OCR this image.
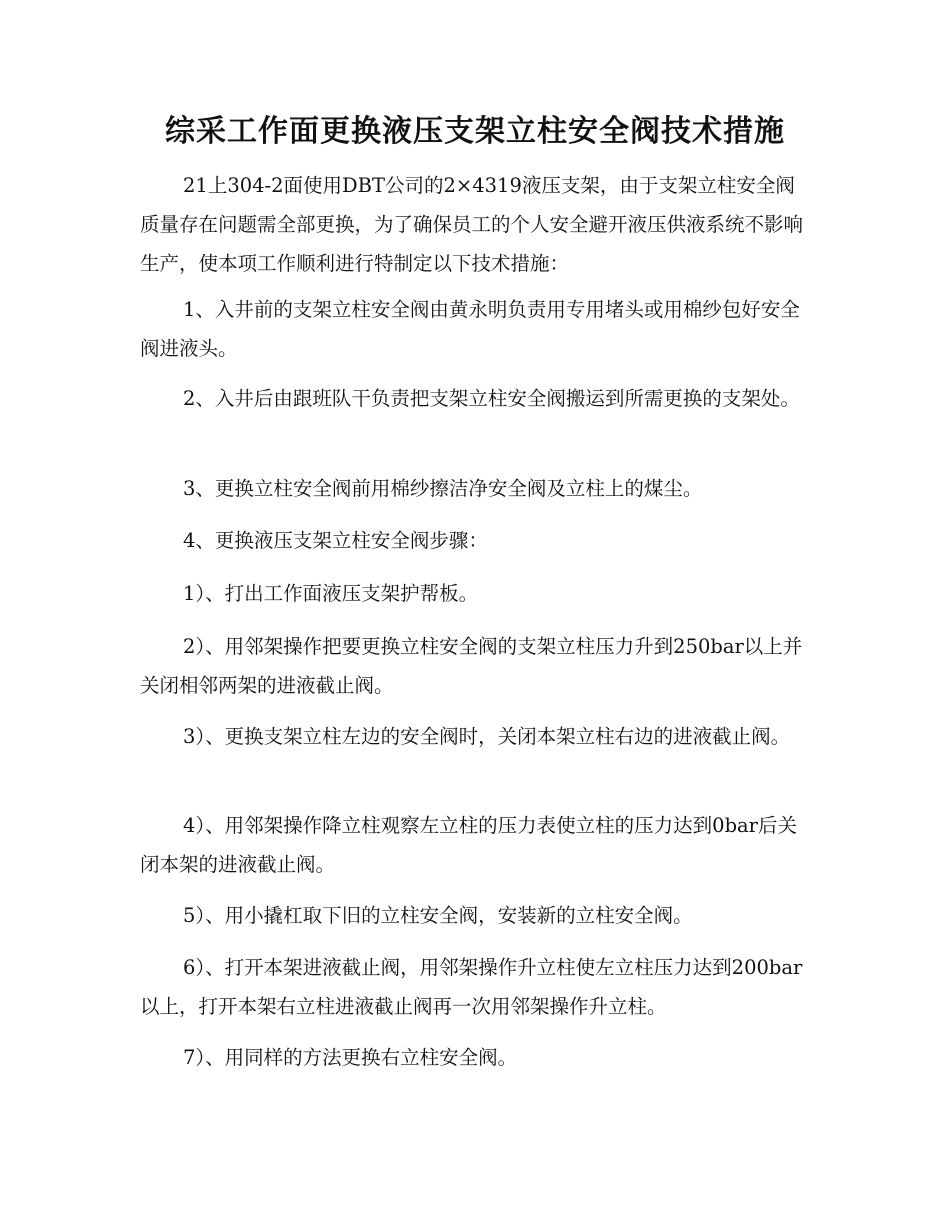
综采工作面更换液压支架立柱安全阀技术措施

21上304-2面使用DBT公司的2×4319液压支架，由于支架立柱安全阀质量存在问题需全部更换，为了确保员工的个人安全避开液压供液系统不影响生产，使本项工作顺利进行特制定以下技术措施：

1、入井前的支架立柱安全阀由黄永明负责用专用堵头或用棉纱包好安全阀进液头。

2、入井后由跟班队干负责把支架立柱安全阀搬运到所需更换的支架处。

3、更换立柱安全阀前用棉纱擦洁净安全阀及立柱上的煤尘。

4、更换液压支架立柱安全阀步骤：

1）、打出工作面液压支架护帮板。

2）、用邻架操作把要更换立柱安全阀的支架立柱压力升到250bar以上并关闭相邻两架的进液截止阀。

3）、更换支架立柱左边的安全阀时，关闭本架立柱右边的进液截止阀。

4）、用邻架操作降立柱观察左立柱的压力表使立柱的压力达到0bar后关闭本架的进液截止阀。

5）、用小撬杠取下旧的立柱安全阀，安装新的立柱安全阀。

6）、打开本架进液截止阀，用邻架操作升立柱使左立柱压力达到200bar以上，打开本架右立柱进液截止阀再一次用邻架操作升立柱。

7）、用同样的方法更换右立柱安全阀。
